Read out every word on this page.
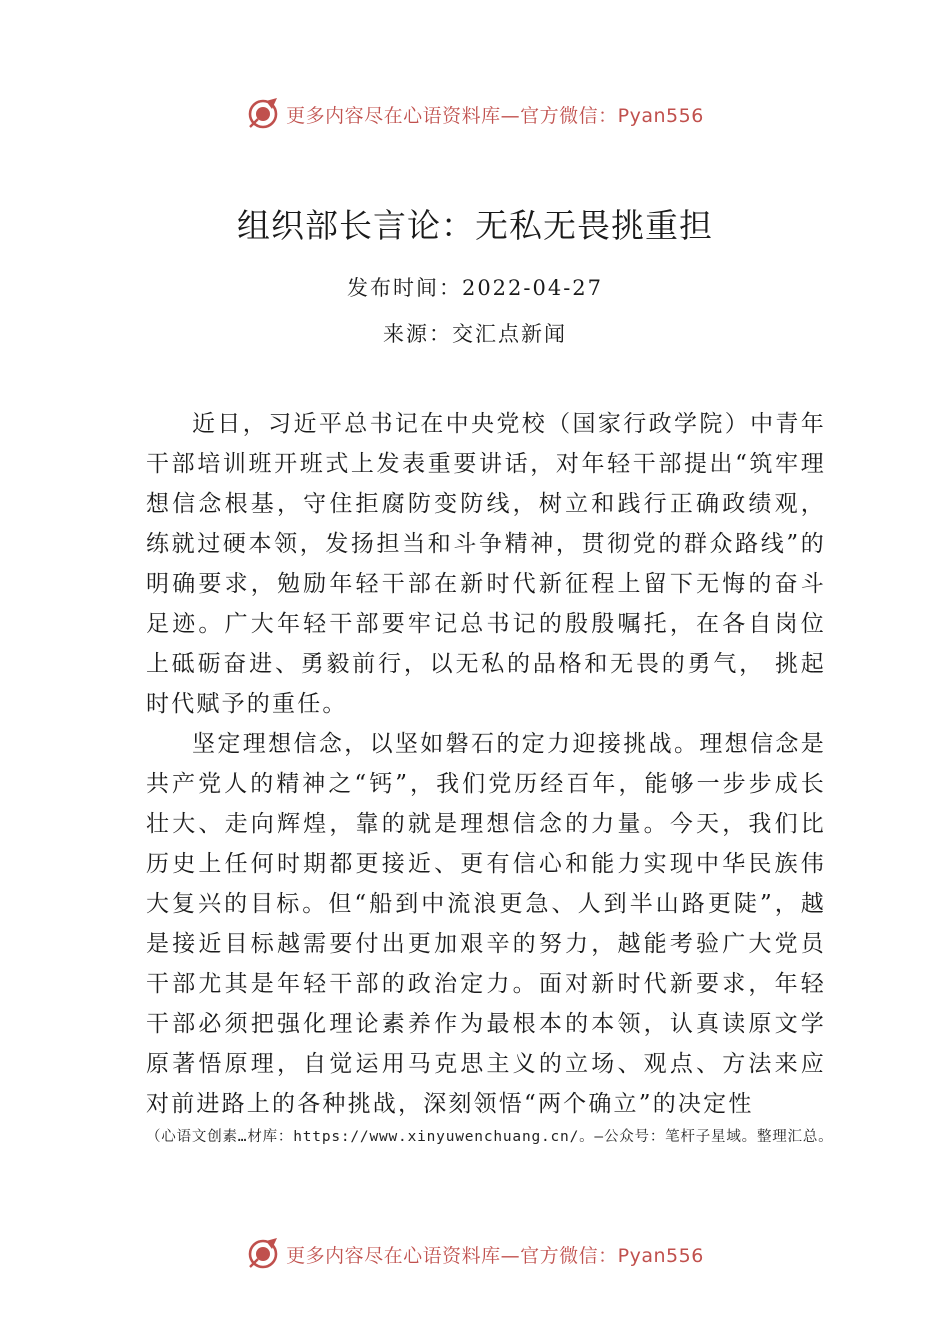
更多内容尽在心语资料库—官方微信：Pyan556
组织部长言论：无私无畏挑重担
发布时间：2022-04-27
来源：交汇点新闻

近日，习近平总书记在中央党校（国家行政学院）中青年干部培训班开班式上发表重要讲话，对年轻干部提出“筑牢理想信念根基，守住拒腐防变防线，树立和践行正确政绩观，练就过硬本领，发扬担当和斗争精神，贯彻党的群众路线”的明确要求，勉励年轻干部在新时代新征程上留下无悔的奋斗足迹。广大年轻干部要牢记总书记的殷殷嘱托，在各自岗位上砥砺奋进、勇毅前行，以无私的品格和无畏的勇气， 挑起时代赋予的重任。

坚定理想信念，以坚如磐石的定力迎接挑战。理想信念是共产党人的精神之“钙”，我们党历经百年，能够一步步成长壮大、走向辉煌，靠的就是理想信念的力量。今天，我们比历史上任何时期都更接近、更有信心和能力实现中华民族伟大复兴的目标。但“船到中流浪更急、人到半山路更陡”，越是接近目标越需要付出更加艰辛的努力，越能考验广大党员干部尤其是年轻干部的政治定力。面对新时代新要求，年轻干部必须把强化理论素养作为最根本的本领，认真读原文学原著悟原理，自觉运用马克思主义的立场、观点、方法来应对前进路上的各种挑战，深刻领悟“两个确立”的决定性

（心语文创素…材库：https://www.xinyuwenchuang.cn/。—公众号：笔杆子星域。整理汇总。
更多内容尽在心语资料库—官方微信：Pyan556
